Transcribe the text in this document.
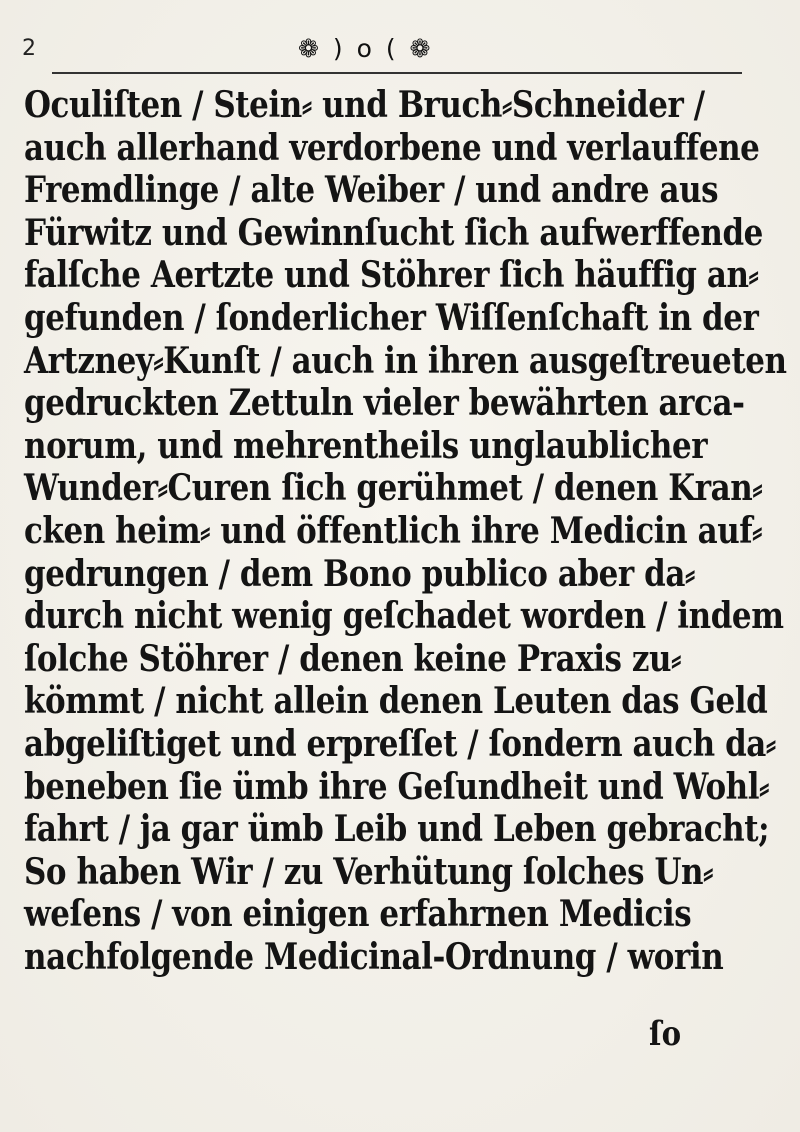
2	❁ ) o ( ❁
Oculiſten / Stein⸗ und Bruch⸗Schneider /
auch allerhand verdorbene und verlauffene
Fremdlinge / alte Weiber / und andre aus
Fürwitz und Gewinnſucht ſich aufwerffende
falſche Aertzte und Stöhrer ſich häuffig an⸗
gefunden / ſonderlicher Wiſſenſchaft in der
Artzney⸗Kunſt / auch in ihren ausgeſtreueten
gedruckten Zettuln vieler bewährten arca-
norum, und mehrentheils unglaublicher
Wunder⸗Curen ſich gerühmet / denen Kran⸗
cken heim⸗ und öffentlich ihre Medicin auf⸗
gedrungen / dem Bono publico aber da⸗
durch nicht wenig geſchadet worden / indem
ſolche Stöhrer / denen keine Praxis zu⸗
kömmt / nicht allein denen Leuten das Geld
abgeliſtiget und erpreſſet / ſondern auch da⸗
beneben ſie ümb ihre Geſundheit und Wohl⸗
fahrt / ja gar ümb Leib und Leben gebracht;
So haben Wir / zu Verhütung ſolches Un⸗
weſens / von einigen erfahrnen Medicis
nachfolgende Medicinal-Ordnung / worin
ſo
